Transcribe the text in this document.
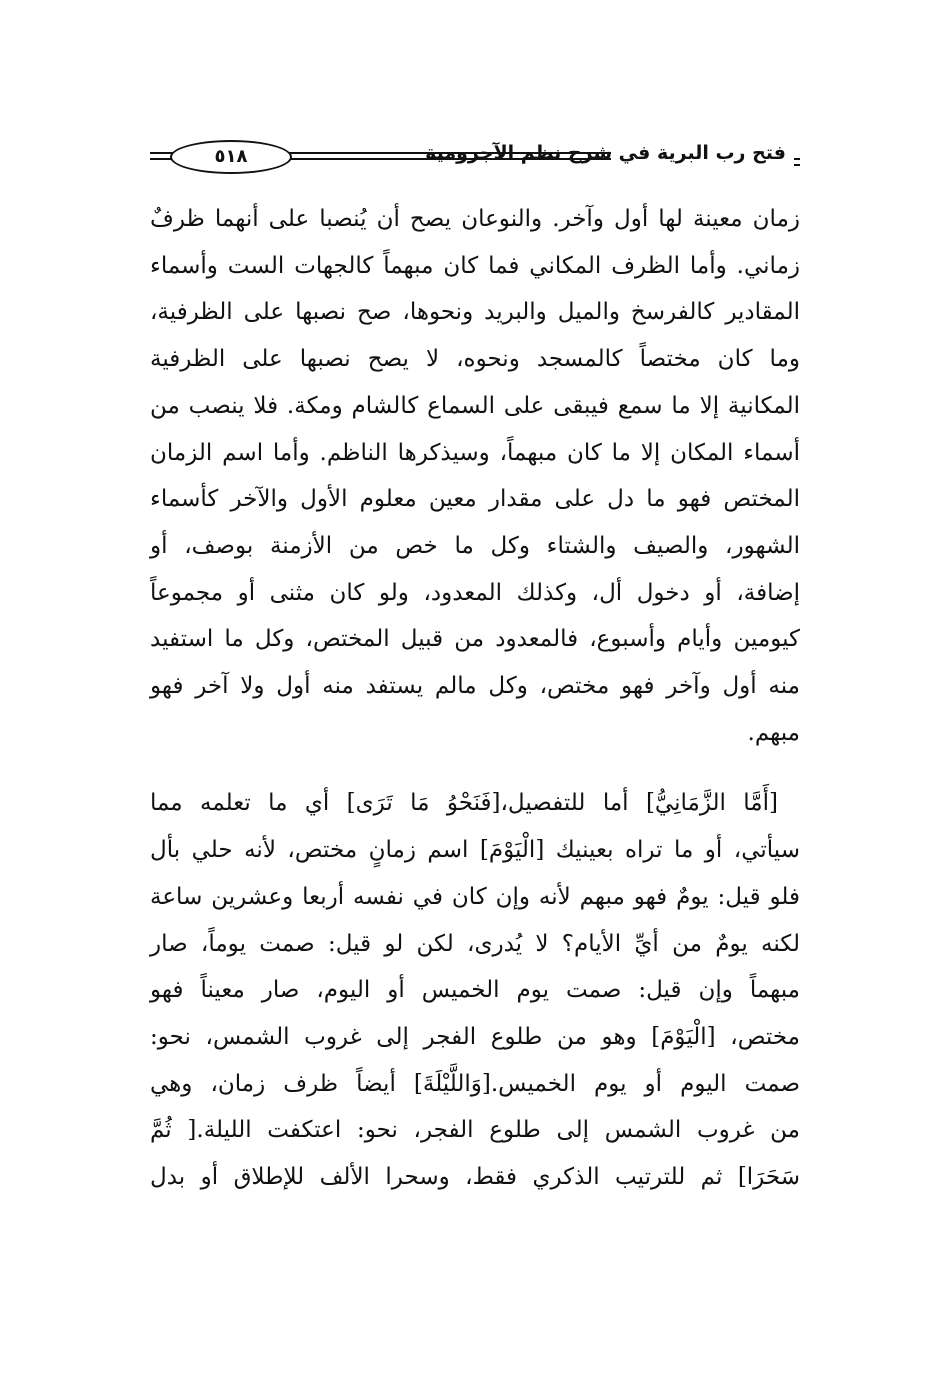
فتح رب البرية في شرح نظم الآجرومية
٥١٨
زمان معينة لها أول وآخر. والنوعان يصح أن يُنصبا على أنهما ظرفٌ
زماني. وأما الظرف المكاني فما كان مبهماً كالجهات الست وأسماء
المقادير كالفرسخ والميل والبريد ونحوها، صح نصبها على الظرفية،
وما كان مختصاً كالمسجد ونحوه، لا يصح نصبها على الظرفية
المكانية إلا ما سمع فيبقى على السماع كالشام ومكة. فلا ينصب من
أسماء المكان إلا ما كان مبهماً، وسيذكرها الناظم. وأما اسم الزمان
المختص فهو ما دل على مقدار معين معلوم الأول والآخر كأسماء
الشهور، والصيف والشتاء وكل ما خص من الأزمنة بوصف، أو
إضافة، أو دخول أل، وكذلك المعدود، ولو كان مثنى أو مجموعاً
كيومين وأيام وأسبوع، فالمعدود من قبيل المختص، وكل ما استفيد
منه أول وآخر فهو مختص، وكل مالم يستفد منه أول ولا آخر فهو
مبهم.
[أَمَّا الزَّمَانِيُّ] أما للتفصيل،[فَنَحْوُ مَا تَرَى] أي ما تعلمه مما
سيأتي، أو ما تراه بعينيك [الْيَوْمَ] اسم زمانٍ مختص، لأنه حلي بأل
فلو قيل: يومٌ فهو مبهم لأنه وإن كان في نفسه أربعا وعشرين ساعة
لكنه يومٌ من أيِّ الأيام؟ لا يُدرى، لكن لو قيل: صمت يوماً، صار
مبهماً وإن قيل: صمت يوم الخميس أو اليوم، صار معيناً فهو
مختص، [الْيَوْمَ] وهو من طلوع الفجر إلى غروب الشمس، نحو:
صمت اليوم أو يوم الخميس.[وَاللَّيْلَةَ] أيضاً ظرف زمان، وهي
من غروب الشمس إلى طلوع الفجر، نحو: اعتكفت الليلة.[ ثُمَّ
سَحَرَا] ثم للترتيب الذكري فقط، وسحرا الألف للإطلاق أو بدل
